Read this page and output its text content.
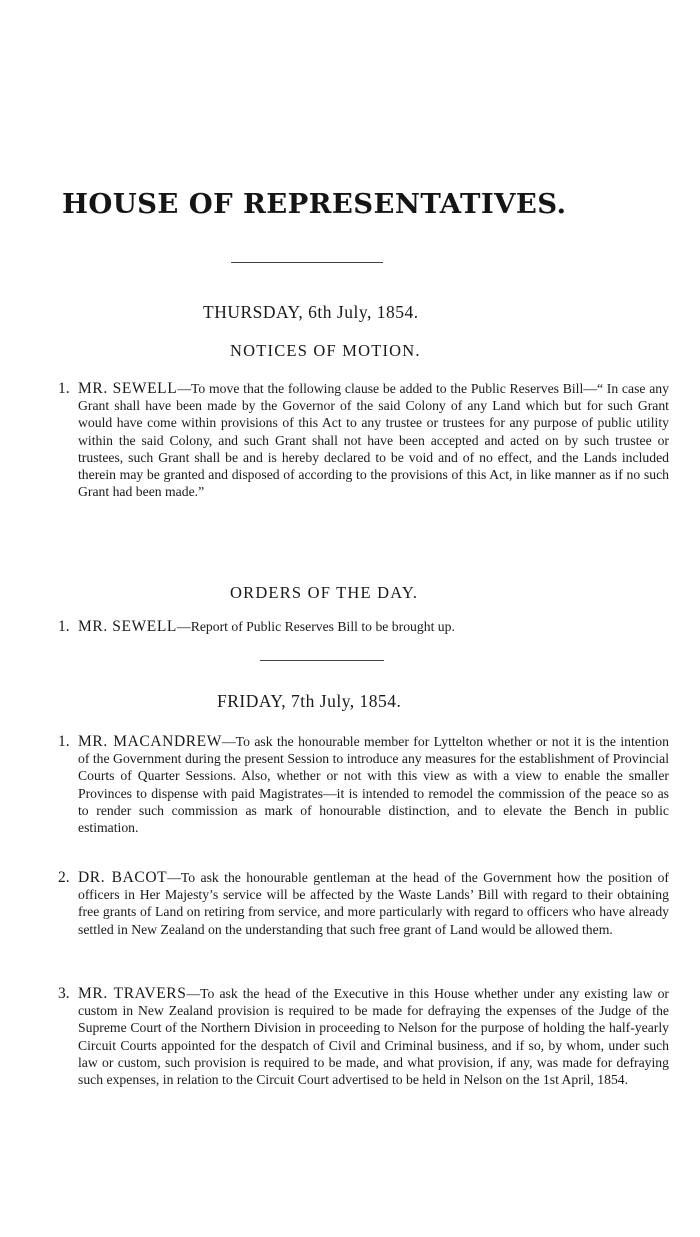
HOUSE OF REPRESENTATIVES.
THURSDAY, 6th July, 1854.
NOTICES OF MOTION.
1. MR. SEWELL—To move that the following clause be added to the Public Reserves Bill—“ In case any Grant shall have been made by the Governor of the said Colony of any Land which but for such Grant would have come within provisions of this Act to any trustee or trustees for any purpose of public utility within the said Colony, and such Grant shall not have been accepted and acted on by such trustee or trustees, such Grant shall be and is hereby declared to be void and of no effect, and the Lands included therein may be granted and disposed of according to the provisions of this Act, in like manner as if no such Grant had been made.”
ORDERS OF THE DAY.
1. MR. SEWELL—Report of Public Reserves Bill to be brought up.
FRIDAY, 7th July, 1854.
1. MR. MACANDREW—To ask the honourable member for Lyttelton whether or not it is the intention of the Government during the present Session to introduce any measures for the establishment of Provincial Courts of Quarter Sessions. Also, whether or not with this view as with a view to enable the smaller Provinces to dispense with paid Magistrates—it is intended to remodel the commission of the peace so as to render such commission as mark of honourable distinction, and to elevate the Bench in public estimation.
2. DR. BACOT—To ask the honourable gentleman at the head of the Government how the position of officers in Her Majesty’s service will be affected by the Waste Lands’ Bill with regard to their obtaining free grants of Land on retiring from service, and more particularly with regard to officers who have already settled in New Zealand on the understanding that such free grant of Land would be allowed them.
3. MR. TRAVERS—To ask the head of the Executive in this House whether under any existing law or custom in New Zealand provision is required to be made for defraying the expenses of the Judge of the Supreme Court of the Northern Division in proceeding to Nelson for the purpose of holding the half-yearly Circuit Courts appointed for the despatch of Civil and Criminal business, and if so, by whom, under such law or custom, such provision is required to be made, and what provision, if any, was made for defraying such expenses, in relation to the Circuit Court advertised to be held in Nelson on the 1st April, 1854.
